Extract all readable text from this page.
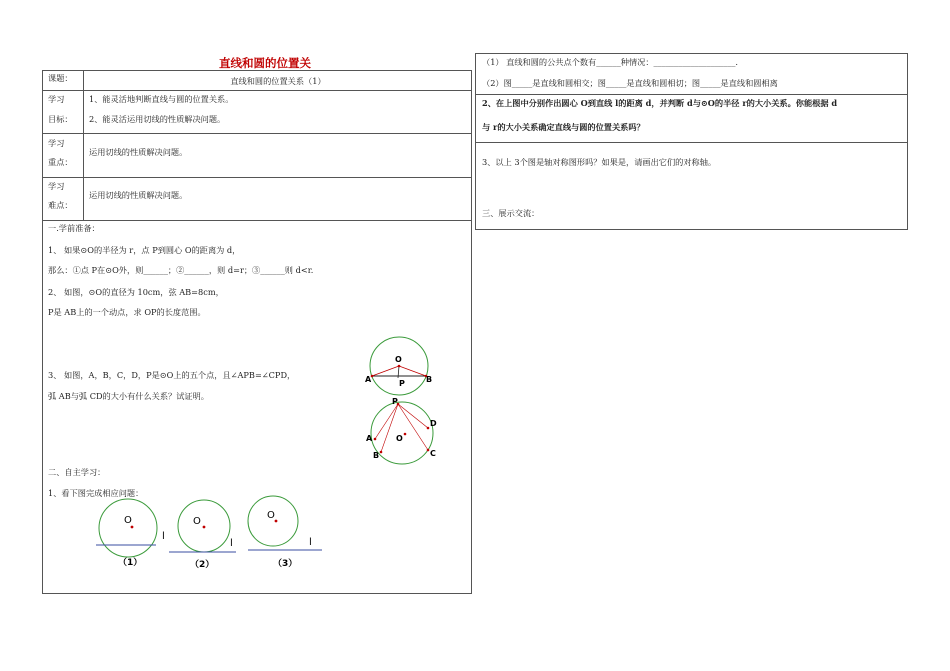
直线和圆的位置关
课题：	直线和圆的位置关系（1）
学习
目标：
1、能灵活地判断直线与圆的位置关系。
2、能灵活运用切线的性质解决问题。
学习
重点：
运用切线的性质解决问题。
学习
难点：
运用切线的性质解决问题。
一.学前准备：
1、 如果⊙O的半径为 r，点 P到圆心 O的距离为 d，
那么：①点 P在⊙O外，则______；②______，则 d=r；③______则 d<r.
2、 如图，⊙O的直径为 10cm，弦 AB=8cm，
P是 AB上的一个动点，求 OP的长度范围。
3、 如图，A，B，C，D，P是⊙O上的五个点，且∠APB=∠CPD，
弧 AB与弧 CD的大小有什么关系？试证明。
二、自主学习：
1、看下图完成相应问题：
O
A	B
P
P
A
B
D
C
O
O
l
（1）
O
l
（2）
O
l
（3）
（1） 直线和圆的公共点个数有______种情况：____________________.
（2）图_____是直线和圆相交；图_____是直线和圆相切；图_____是直线和圆相离
2、在上图中分别作出圆心 O到直线 l的距离 d，并判断 d与⊙O的半径 r的大小关系。你能根据 d
与 r的大小关系确定直线与圆的位置关系吗？
3、以上 3个图是轴对称图形吗？如果是，请画出它们的对称轴。
三、展示交流：
